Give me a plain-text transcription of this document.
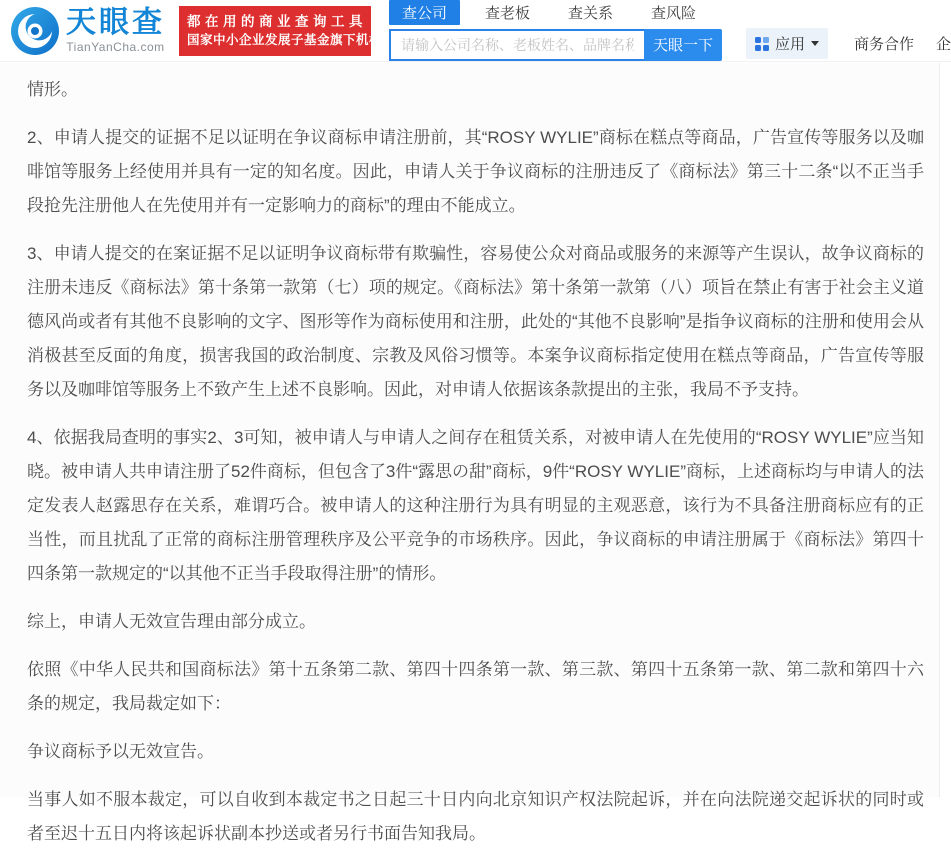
天眼查
TianYanCha.com
都在用的商业查询工具
国家中小企业发展子基金旗下机构
查公司	查老板	查关系	查风险
请输入公司名称、老板姓名、品牌名称等
天眼一下	应用	商务合作 企

情形。

2、申请人提交的证据不足以证明在争议商标申请注册前，其“ROSY WYLIE”商标在糕点等商品，广告宣传等服务以及咖啡馆等服务上经使用并具有一定的知名度。因此，申请人关于争议商标的注册违反了《商标法》第三十二条“以不正当手段抢先注册他人在先使用并有一定影响力的商标”的理由不能成立。

3、申请人提交的在案证据不足以证明争议商标带有欺骗性，容易使公众对商品或服务的来源等产生误认，故争议商标的注册未违反《商标法》第十条第一款第（七）项的规定。《商标法》第十条第一款第（八）项旨在禁止有害于社会主义道德风尚或者有其他不良影响的文字、图形等作为商标使用和注册，此处的“其他不良影响”是指争议商标的注册和使用会从消极甚至反面的角度，损害我国的政治制度、宗教及风俗习惯等。本案争议商标指定使用在糕点等商品，广告宣传等服务以及咖啡馆等服务上不致产生上述不良影响。因此，对申请人依据该条款提出的主张，我局不予支持。

4、依据我局查明的事实2、3可知，被申请人与申请人之间存在租赁关系，对被申请人在先使用的“ROSY WYLIE”应当知晓。被申请人共申请注册了52件商标，但包含了3件“露思の甜”商标，9件“ROSY WYLIE”商标，上述商标均与申请人的法定发表人赵露思存在关系，难谓巧合。被申请人的这种注册行为具有明显的主观恶意，该行为不具备注册商标应有的正当性，而且扰乱了正常的商标注册管理秩序及公平竞争的市场秩序。因此，争议商标的申请注册属于《商标法》第四十四条第一款规定的“以其他不正当手段取得注册”的情形。

综上，申请人无效宣告理由部分成立。

依照《中华人民共和国商标法》第十五条第二款、第四十四条第一款、第三款、第四十五条第一款、第二款和第四十六条的规定，我局裁定如下：

争议商标予以无效宣告。

当事人如不服本裁定，可以自收到本裁定书之日起三十日内向北京知识产权法院起诉，并在向法院递交起诉状的同时或者至迟十五日内将该起诉状副本抄送或者另行书面告知我局。
